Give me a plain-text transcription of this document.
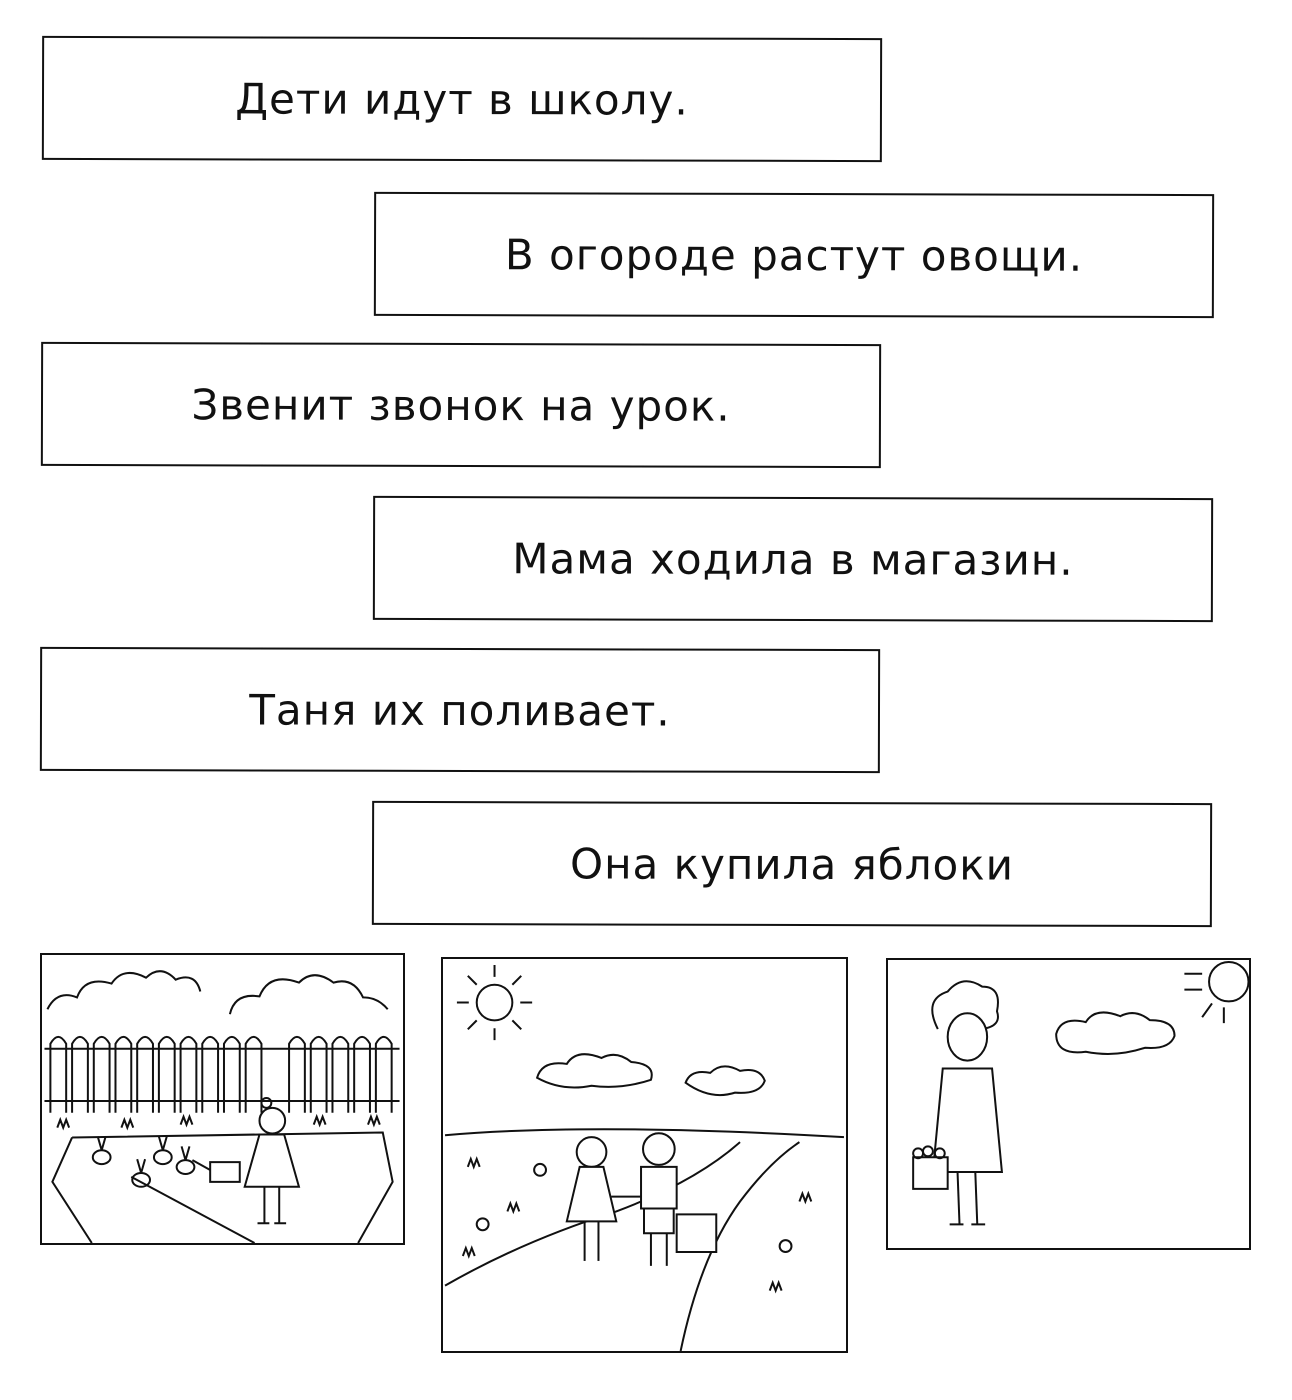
Дети идут в школу.
В огороде растут овощи.
Звенит звонок на урок.
Мама ходила в магазин.
Таня их поливает.
Она купила яблоки
